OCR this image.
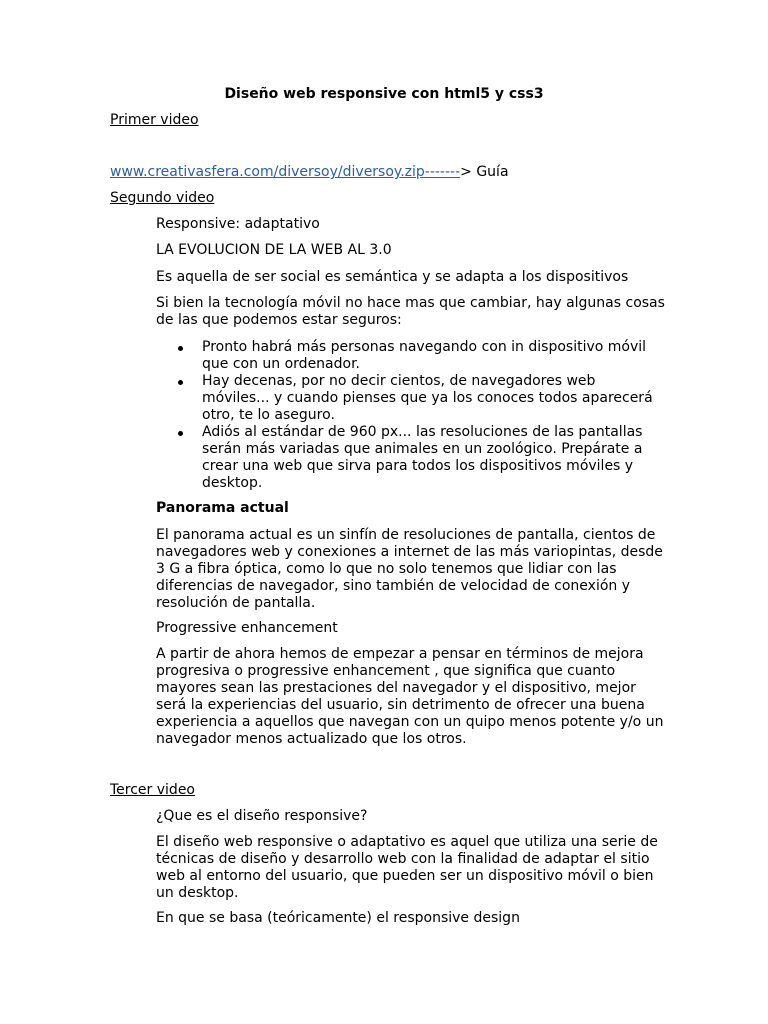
Diseño web responsive con html5 y css3
Primer video
www.creativasfera.com/diversoy/diversoy.zip-------> Guía
Segundo video
Responsive: adaptativo
LA EVOLUCION DE LA WEB AL 3.0
Es aquella de ser social es semántica y se adapta a los dispositivos
Si bien la tecnología móvil no hace mas que cambiar, hay algunas cosas de las que podemos estar seguros:
Pronto habrá más personas navegando con in dispositivo móvil que con un ordenador.
Hay decenas, por no decir cientos, de navegadores web móviles... y cuando pienses que ya los conoces todos aparecerá otro, te lo aseguro.
Adiós al estándar de 960 px... las resoluciones de las pantallas serán más variadas que animales en un zoológico. Prepárate a crear una web que sirva para todos los dispositivos móviles y desktop.
Panorama actual
El panorama actual es un sinfín de resoluciones de pantalla, cientos de navegadores web y conexiones a internet de las más variopintas, desde 3 G a fibra óptica, como lo que no solo tenemos que lidiar con las diferencias de navegador, sino también de velocidad de conexión y resolución de pantalla.
Progressive enhancement
A partir de ahora hemos de empezar a pensar en términos de mejora progresiva o progressive enhancement , que significa que cuanto mayores sean las prestaciones del navegador y el dispositivo, mejor será la experiencias del usuario, sin detrimento de ofrecer una buena experiencia a aquellos que navegan con un quipo menos potente y/o un navegador menos actualizado que los otros.
Tercer video
¿Que es el diseño responsive?
El diseño web responsive o adaptativo es aquel que utiliza una serie de técnicas de diseño y desarrollo web con la finalidad de adaptar el sitio web al entorno del usuario, que pueden ser un dispositivo móvil o bien un desktop.
En que se basa (teóricamente) el responsive design
